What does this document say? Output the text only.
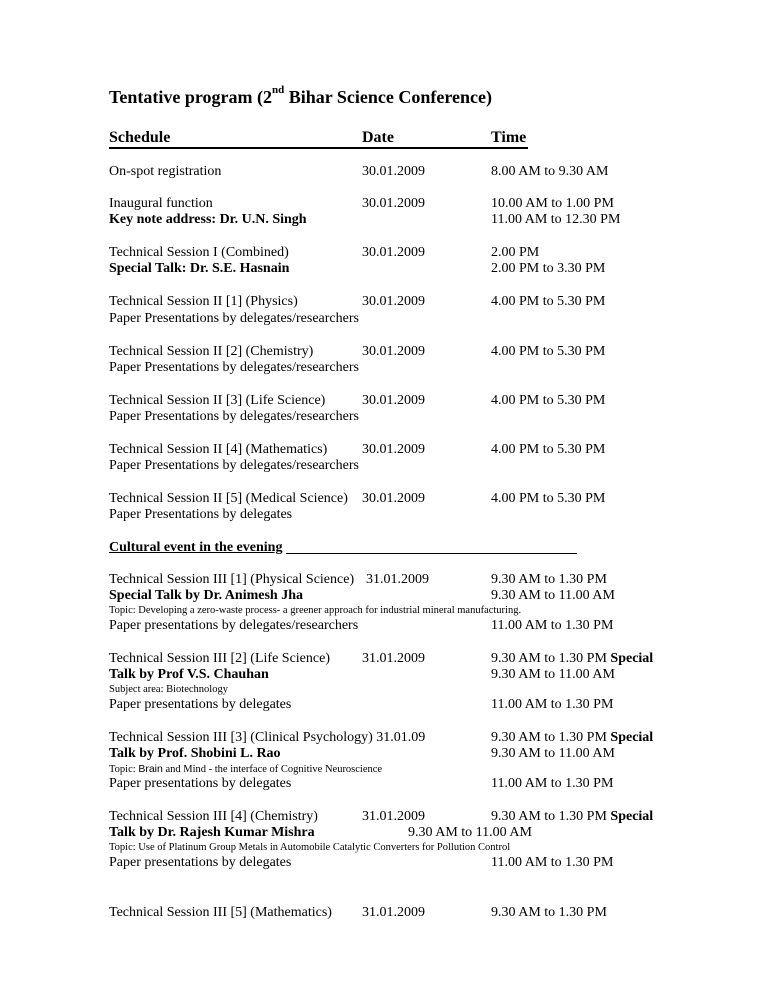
Tentative program (2nd Bihar Science Conference)
Schedule	Date	Time
On-spot registration	30.01.2009	8.00 AM to 9.30 AM
Inaugural function	30.01.2009	10.00 AM to 1.00 PM
Key note address: Dr. U.N. Singh	11.00 AM to 12.30 PM
Technical Session I (Combined)	30.01.2009	2.00 PM
Special Talk: Dr. S.E. Hasnain	2.00 PM to 3.30 PM
Technical Session II [1] (Physics)	30.01.2009	4.00 PM to 5.30 PM
Paper Presentations by delegates/researchers
Technical Session II [2] (Chemistry)	30.01.2009	4.00 PM to 5.30 PM
Paper Presentations by delegates/researchers
Technical Session II [3] (Life Science)	30.01.2009	4.00 PM to 5.30 PM
Paper Presentations by delegates/researchers
Technical Session II [4] (Mathematics) 30.01.2009	4.00 PM to 5.30 PM
Paper Presentations by delegates/researchers
Technical Session II [5] (Medical Science) 30.01.2009	4.00 PM to 5.30 PM
Paper Presentations by delegates
Cultural event in the evening
Technical Session III [1] (Physical Science) 31.01.2009	9.30 AM to 1.30 PM
Special Talk by Dr. Animesh Jha	9.30 AM to 11.00 AM
Topic: Developing a zero-waste process- a greener approach for industrial mineral manufacturing.
Paper presentations by delegates/researchers	11.00 AM to 1.30 PM
Technical Session III [2] (Life Science) 31.01.2009	9.30 AM to 1.30 PM Special
Talk by Prof V.S. Chauhan	9.30 AM to 11.00 AM
Subject area: Biotechnology
Paper presentations by delegates	11.00 AM to 1.30 PM
Technical Session III [3] (Clinical Psychology) 31.01.09	9.30 AM to 1.30 PM Special
Talk by Prof. Shobini L. Rao	9.30 AM to 11.00 AM
Topic: Brain and Mind - the interface of Cognitive Neuroscience
Paper presentations by delegates	11.00 AM to 1.30 PM
Technical Session III [4] (Chemistry)	31.01.2009	9.30 AM to 1.30 PM Special
Talk by Dr. Rajesh Kumar Mishra	9.30 AM to 11.00 AM
Topic: Use of Platinum Group Metals in Automobile Catalytic Converters for Pollution Control
Paper presentations by delegates	11.00 AM to 1.30 PM
Technical Session III [5] (Mathematics) 31.01.2009	9.30 AM to 1.30 PM
